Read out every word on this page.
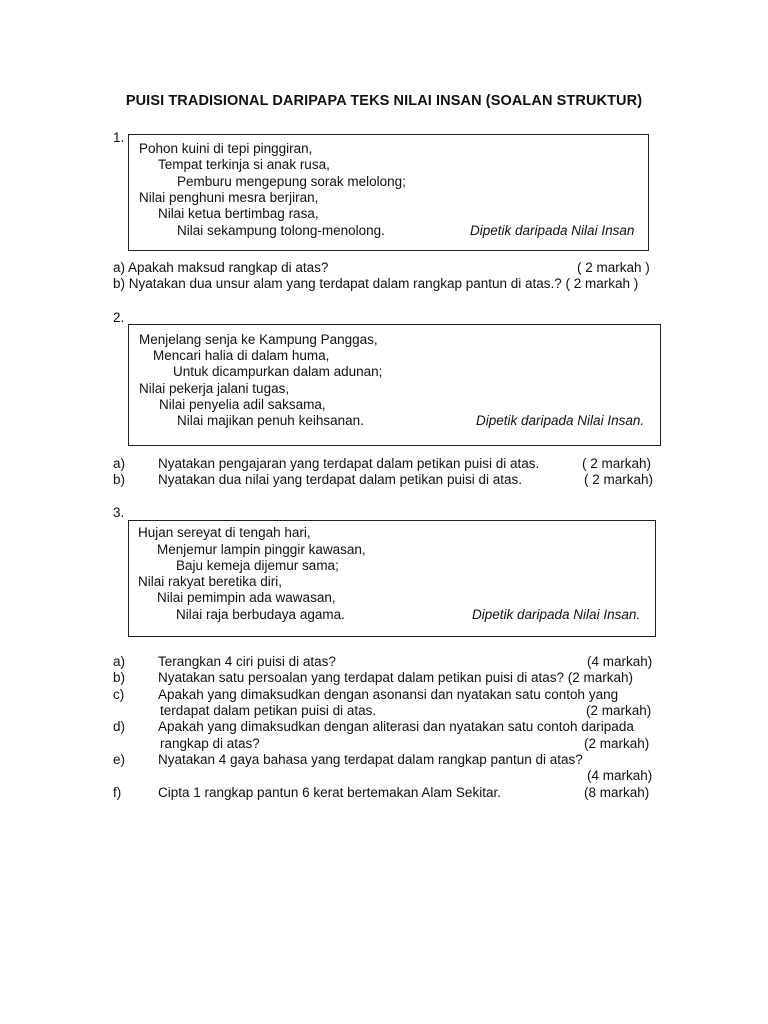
PUISI TRADISIONAL DARIPAPA TEKS NILAI INSAN (SOALAN STRUKTUR)
1.
Pohon kuini di tepi pinggiran,
Tempat terkinja si anak rusa,
Pemburu mengepung sorak melolong;
Nilai penghuni mesra berjiran,
Nilai ketua bertimbag rasa,
Nilai sekampung tolong-menolong.	Dipetik daripada Nilai Insan
a) Apakah maksud rangkap di atas?	( 2 markah )
b) Nyatakan dua unsur alam yang terdapat dalam rangkap pantun di atas.? ( 2 markah )
2.
Menjelang senja ke Kampung Panggas,
Mencari halia di dalam huma,
Untuk dicampurkan dalam adunan;
Nilai pekerja jalani tugas,
Nilai penyelia adil saksama,
Nilai majikan penuh keihsanan.	Dipetik daripada Nilai Insan.
a) Nyatakan pengajaran yang terdapat dalam petikan puisi di atas.	( 2 markah)
b) Nyatakan dua nilai yang terdapat dalam petikan puisi di atas.	( 2 markah)
3.
Hujan sereyat di tengah hari,
Menjemur lampin pinggir kawasan,
Baju kemeja dijemur sama;
Nilai rakyat beretika diri,
Nilai pemimpin ada wawasan,
Nilai raja berbudaya agama.	Dipetik daripada Nilai Insan.
a) Terangkan 4 ciri puisi di atas?	(4 markah)
b) Nyatakan satu persoalan yang terdapat dalam petikan puisi di atas? (2 markah)
c)	Apakah yang dimaksudkan dengan asonansi dan nyatakan satu contoh yang
terdapat dalam petikan puisi di atas.	(2 markah)
d) Apakah yang dimaksudkan dengan aliterasi dan nyatakan satu contoh daripada
rangkap di atas?	(2 markah)
e) Nyatakan 4 gaya bahasa yang terdapat dalam rangkap pantun di atas?
(4 markah)
f)	Cipta 1 rangkap pantun 6 kerat bertemakan Alam Sekitar.	(8 markah)
